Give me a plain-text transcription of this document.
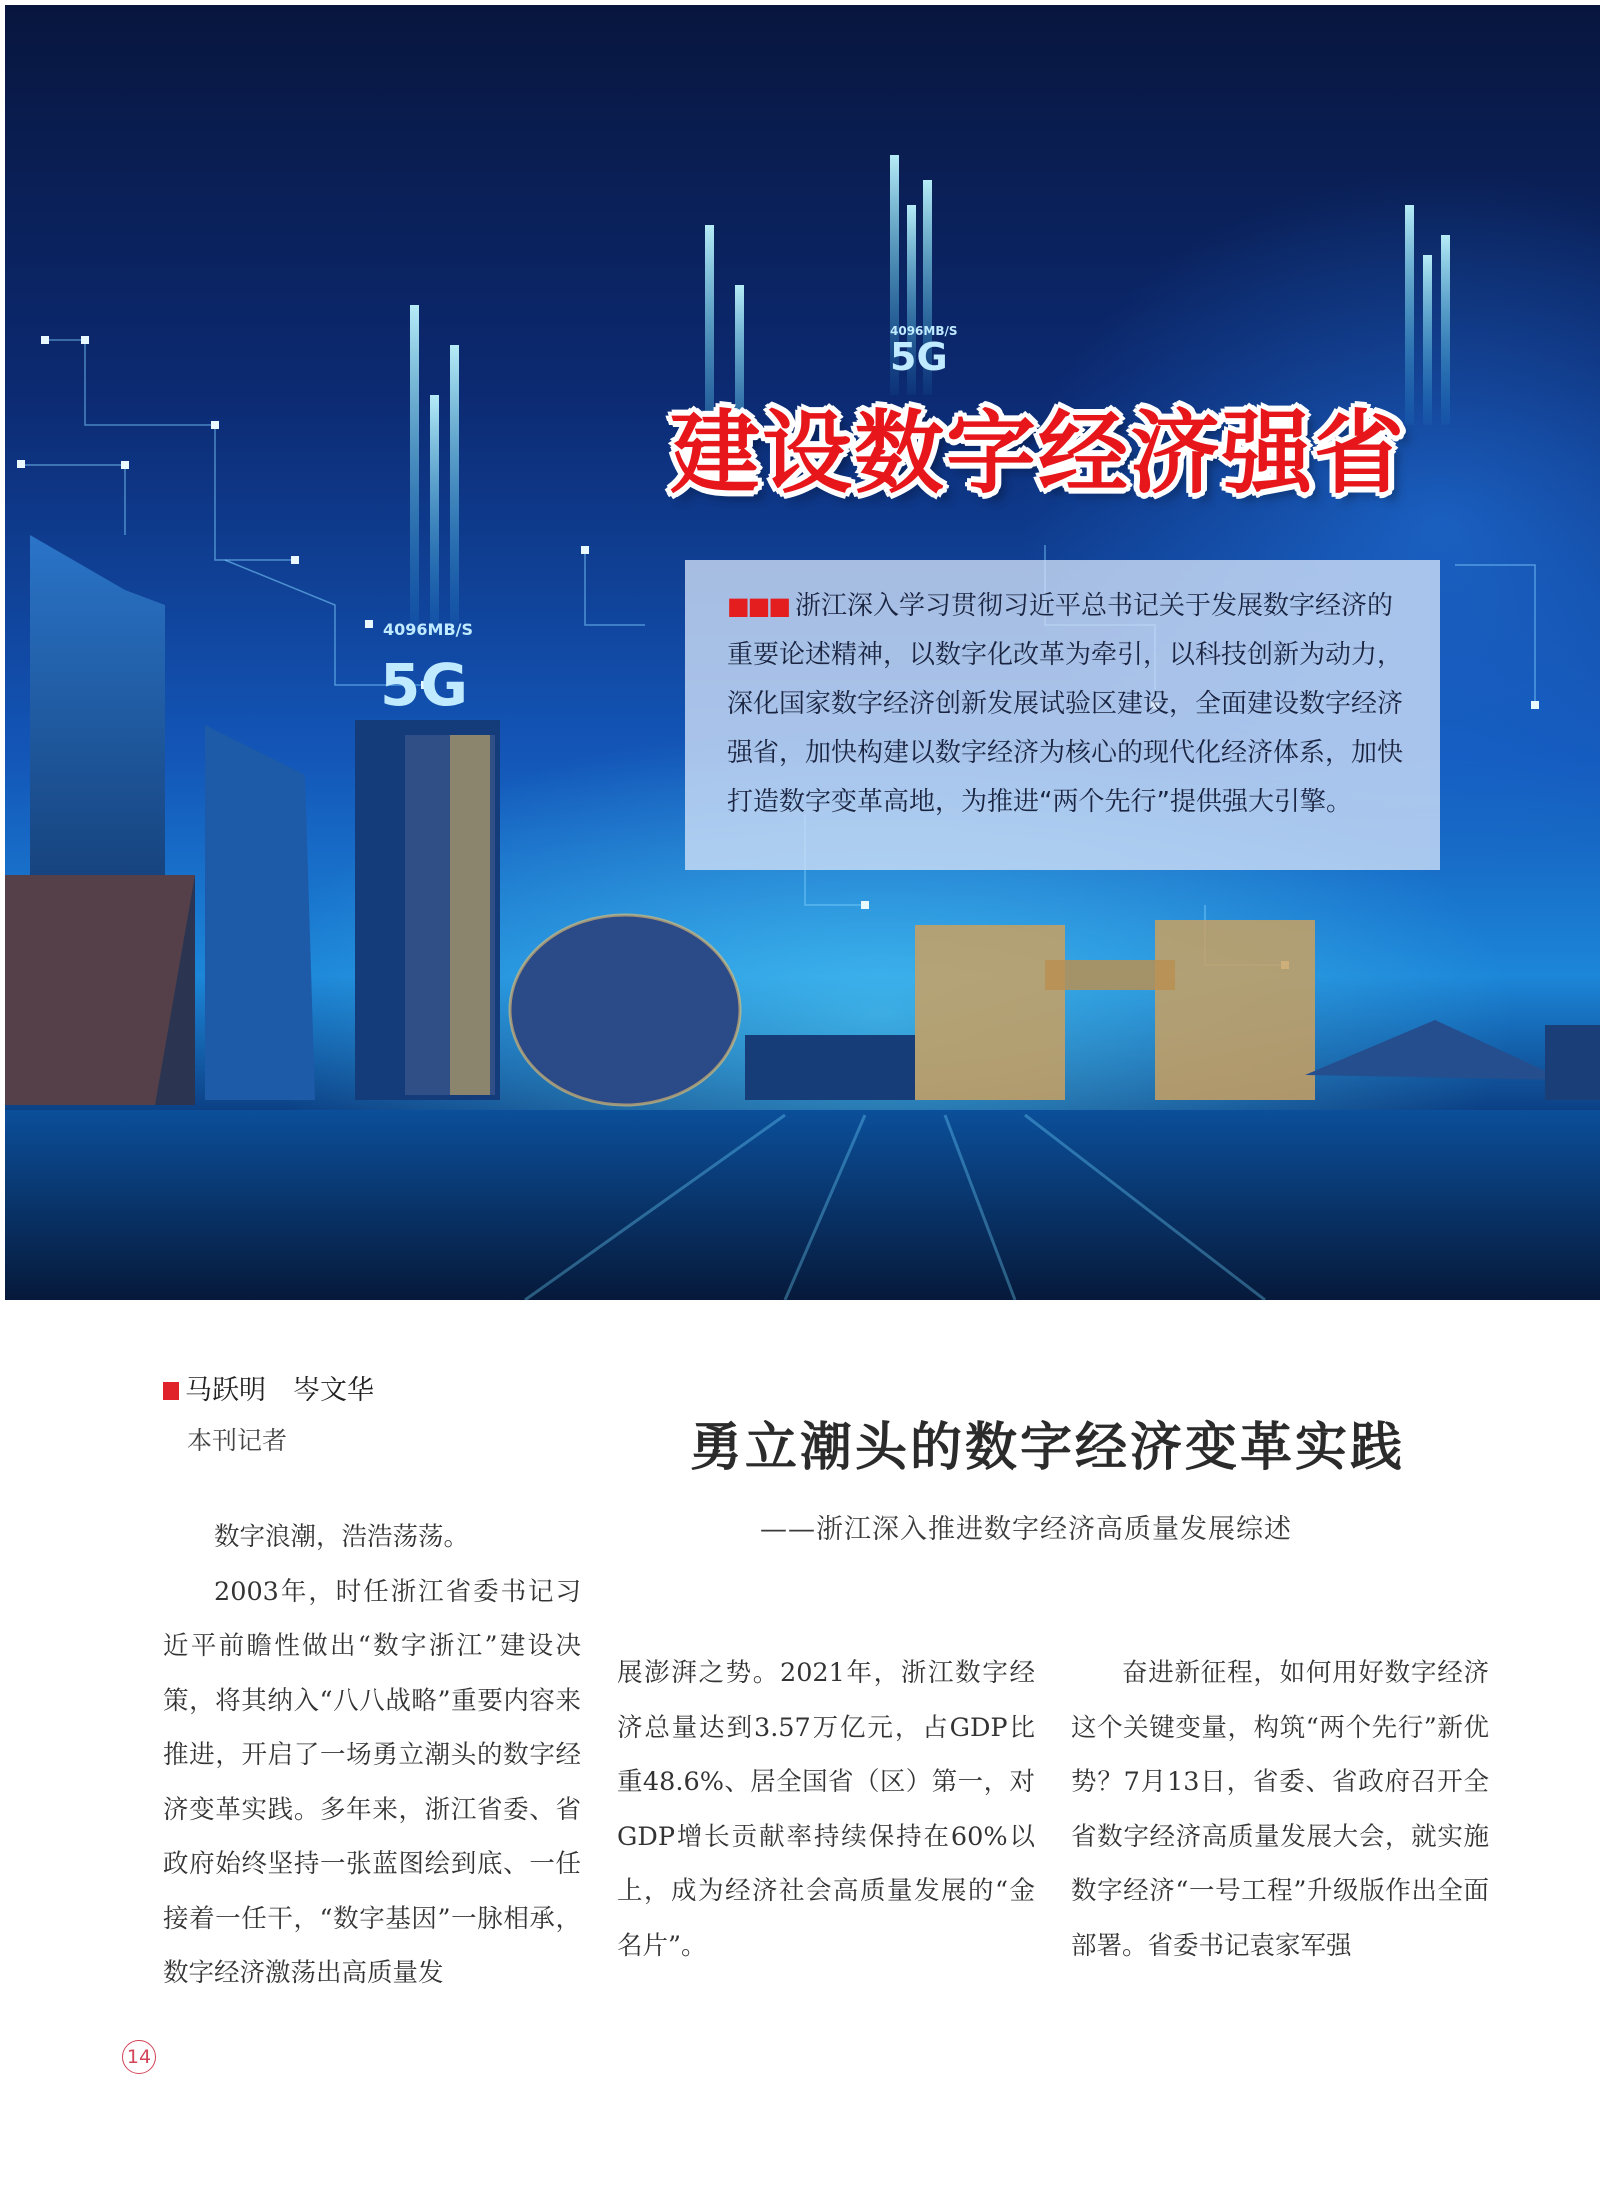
4096MB/S
5G
4096MB/S
5G
建设数字经济强省
■■■ 浙江深入学习贯彻习近平总书记关于发展数字经济的重要论述精神，以数字化改革为牵引，以科技创新为动力，深化国家数字经济创新发展试验区建设，全面建设数字经济强省，加快构建以数字经济为核心的现代化经济体系，加快打造数字变革高地，为推进“两个先行”提供强大引擎。
马跃明　岑文华
本刊记者	勇立潮头的数字经济变革实践
——浙江深入推进数字经济高质量发展综述

数字浪潮，浩浩荡荡。

2003年，时任浙江省委书记习近平前瞻性做出“数字浙江”建设决策，将其纳入“八八战略”重要内容来推进，开启了一场勇立潮头的数字经济变革实践。多年来，浙江省委、省政府始终坚持一张蓝图绘到底、一任接着一任干，“数字基因”一脉相承，数字经济激荡出高质量发

展澎湃之势。2021年，浙江数字经济总量达到3.57万亿元，占GDP比重48.6%、居全国省（区）第一，对GDP增长贡献率持续保持在60%以上，成为经济社会高质量发展的“金名片”。

奋进新征程，如何用好数字经济这个关键变量，构筑“两个先行”新优势？7月13日，省委、省政府召开全省数字经济高质量发展大会，就实施数字经济“一号工程”升级版作出全面部署。省委书记袁家军强

14
